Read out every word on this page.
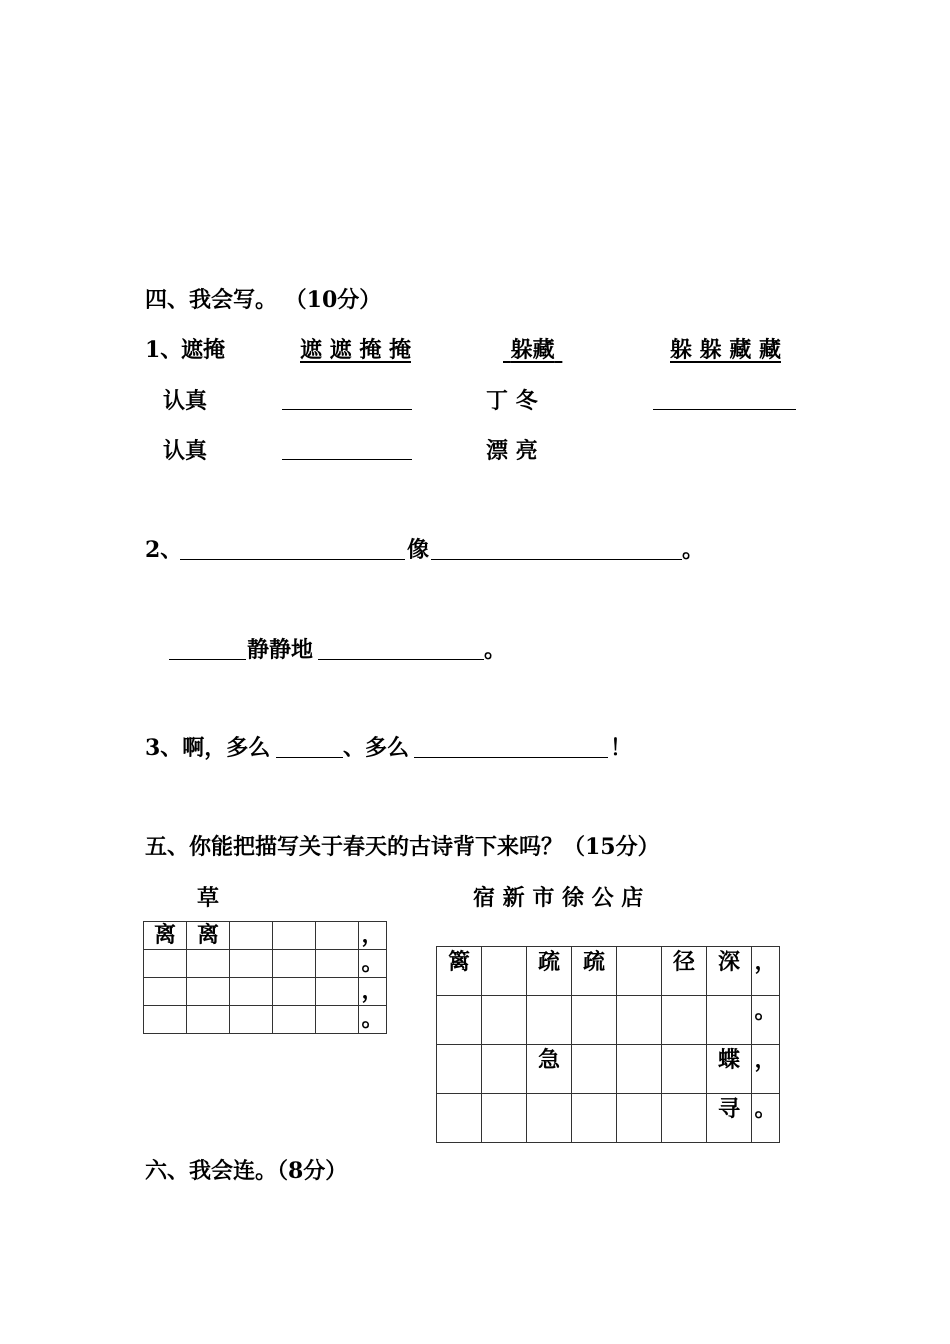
四、我会写。 （10分）
1、
遮掩	遮 遮 掩 掩	躲藏	躲 躲 藏 藏
认真	丁 冬
认真	漂 亮
2、	像	。
静静地	。
3、啊，多么	、多么	！
五、你能把描写关于春天的古诗背下来吗？（15分）
草
离	离				，
					。
					，
					。
宿 新 市 徐 公 店
篱		疏	疏		径	深	，
							。
		急				蝶	，
						寻	。
六、我会连。（8分）
